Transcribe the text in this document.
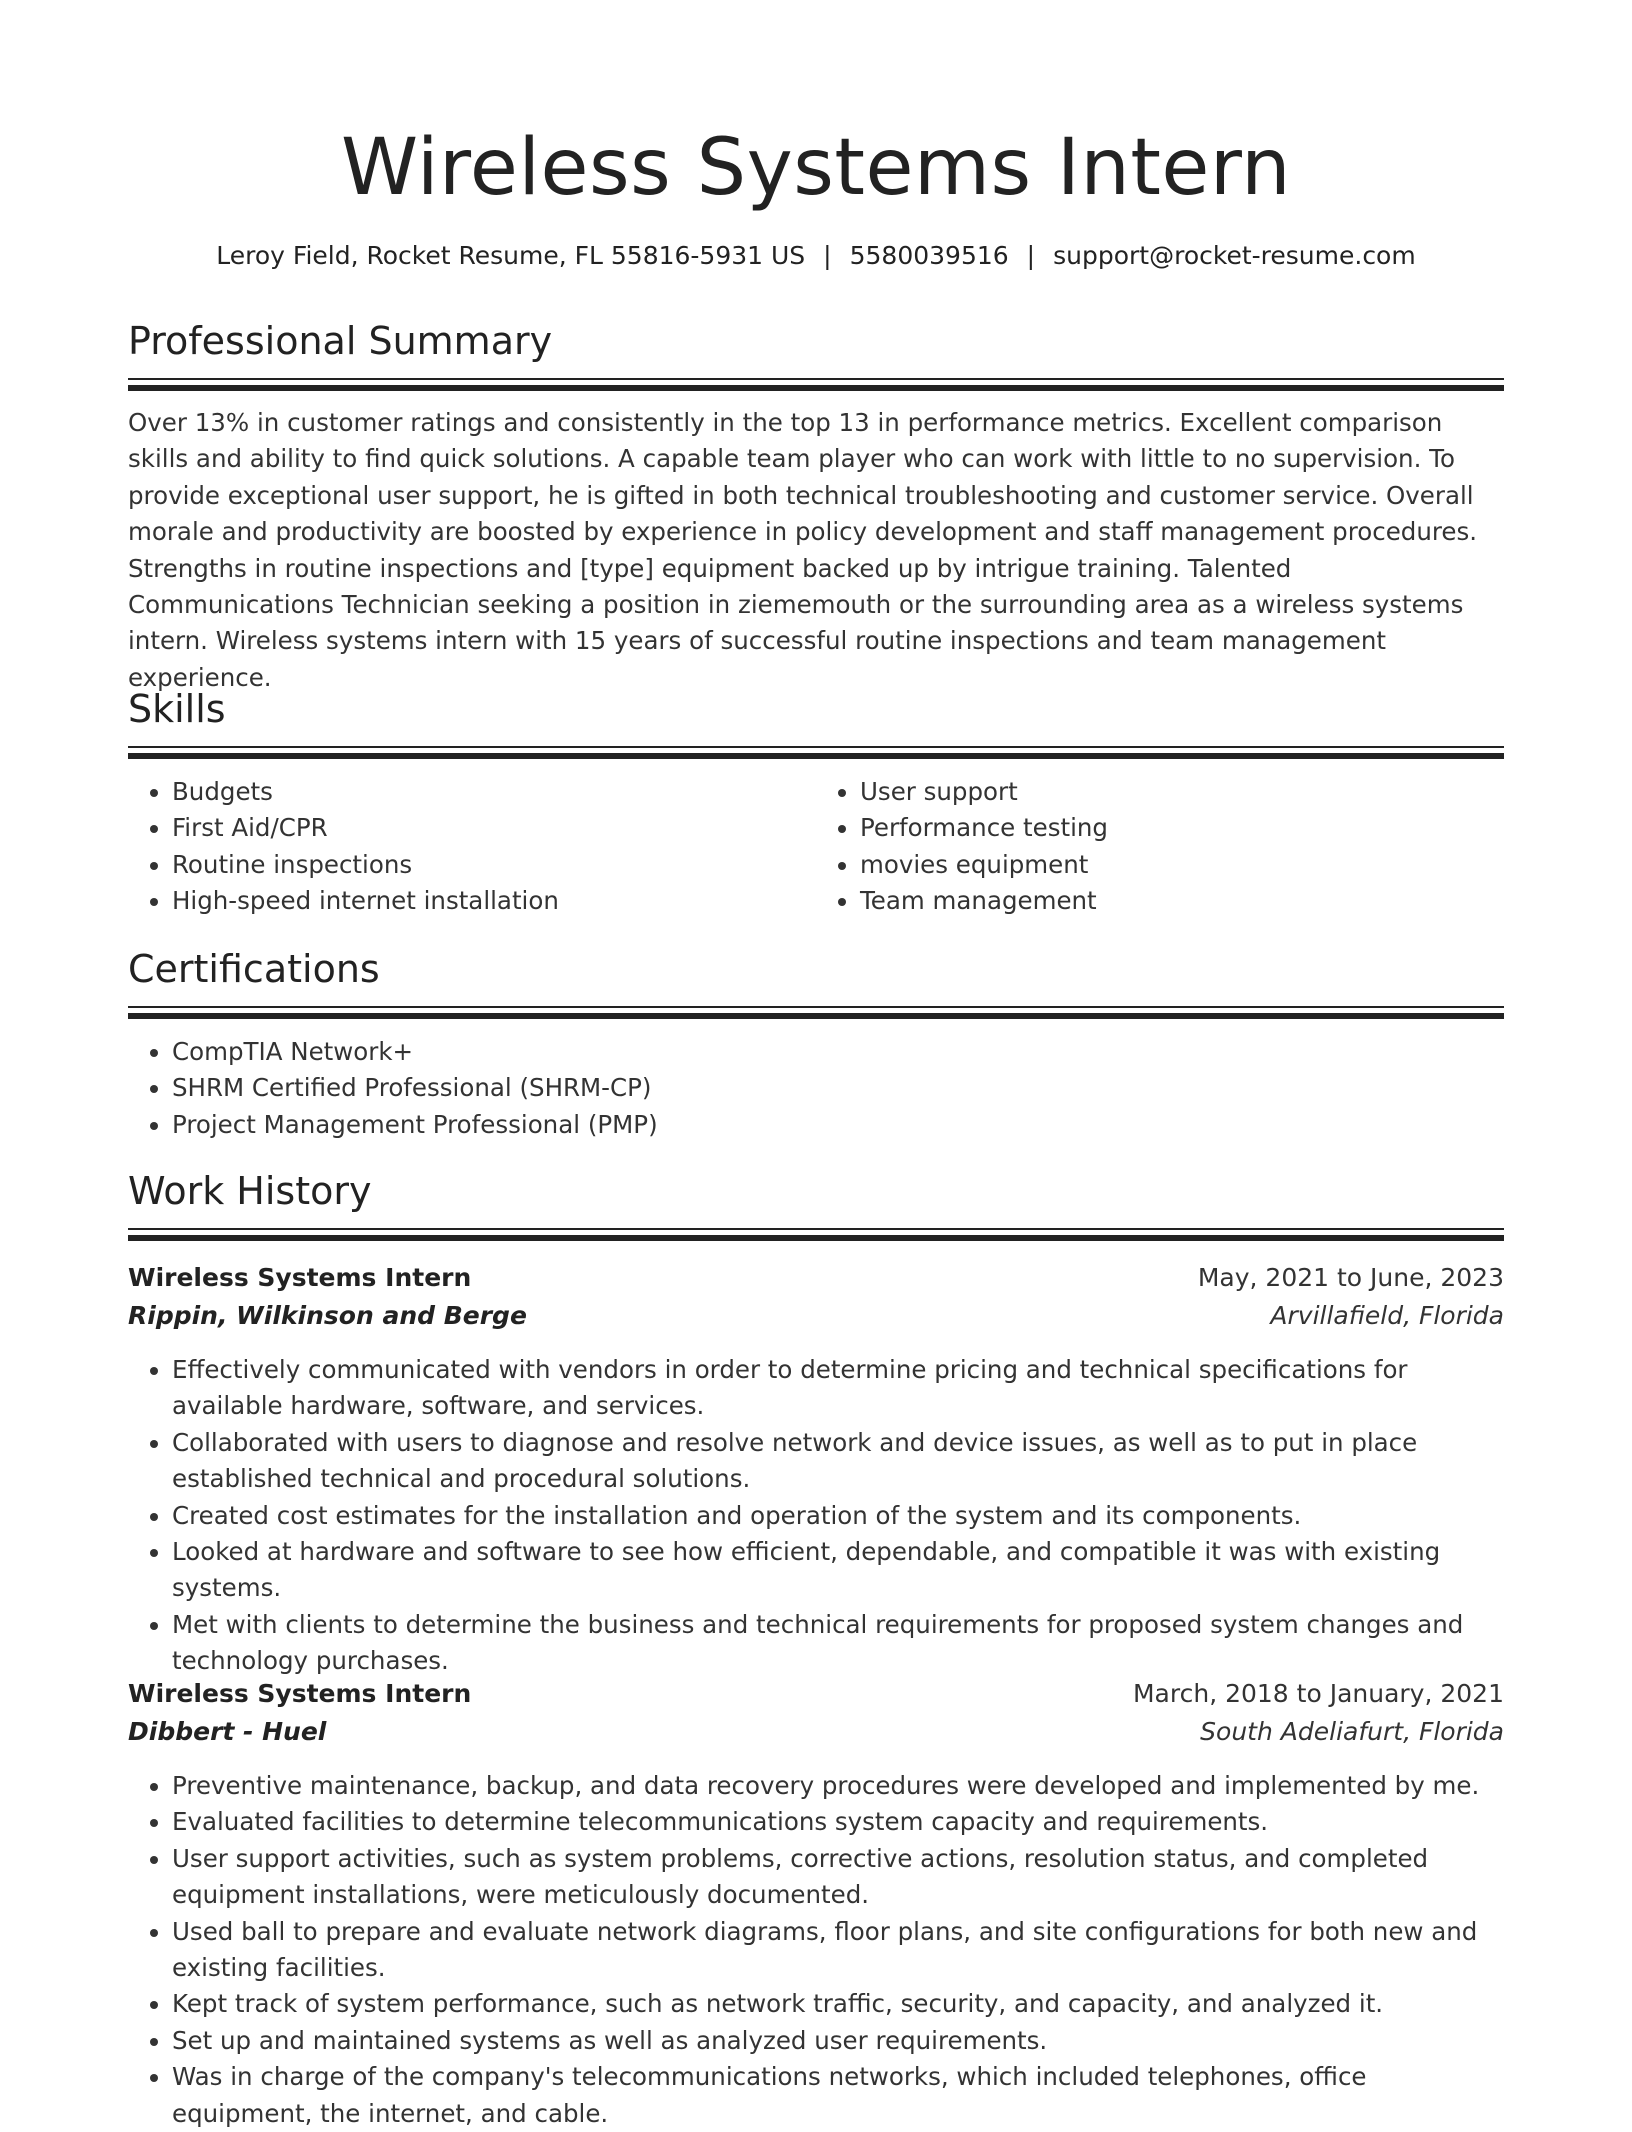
Wireless Systems Intern
Leroy Field, Rocket Resume, FL 55816-5931 US | 5580039516 | support@rocket-resume.com
Professional Summary

Over 13% in customer ratings and consistently in the top 13 in performance metrics. Excellent comparison skills and ability to find quick solutions. A capable team player who can work with little to no supervision. To provide exceptional user support, he is gifted in both technical troubleshooting and customer service. Overall morale and productivity are boosted by experience in policy development and staff management procedures. Strengths in routine inspections and [type] equipment backed up by intrigue training. Talented Communications Technician seeking a position in ziememouth or the surrounding area as a wireless systems intern. Wireless systems intern with 15 years of successful routine inspections and team management experience.

Skills
• Budgets
• First Aid/CPR
• Routine inspections
• High-speed internet installation
• User support
• Performance testing
• movies equipment
• Team management
Certifications
• CompTIA Network+
• SHRM Certified Professional (SHRM-CP)
• Project Management Professional (PMP)
Work History
Wireless Systems Intern	May, 2021 to June, 2023
Rippin, Wilkinson and Berge	Arvillafield, Florida
• Effectively communicated with vendors in order to determine pricing and technical specifications for available hardware, software, and services.
• Collaborated with users to diagnose and resolve network and device issues, as well as to put in place established technical and procedural solutions.
• Created cost estimates for the installation and operation of the system and its components.
• Looked at hardware and software to see how efficient, dependable, and compatible it was with existing systems.
• Met with clients to determine the business and technical requirements for proposed system changes and technology purchases.
Wireless Systems Intern	March, 2018 to January, 2021
Dibbert - Huel	South Adeliafurt, Florida
• Preventive maintenance, backup, and data recovery procedures were developed and implemented by me.
• Evaluated facilities to determine telecommunications system capacity and requirements.
• User support activities, such as system problems, corrective actions, resolution status, and completed equipment installations, were meticulously documented.
• Used ball to prepare and evaluate network diagrams, floor plans, and site configurations for both new and existing facilities.
• Kept track of system performance, such as network traffic, security, and capacity, and analyzed it.
• Set up and maintained systems as well as analyzed user requirements.
• Was in charge of the company's telecommunications networks, which included telephones, office equipment, the internet, and cable.
